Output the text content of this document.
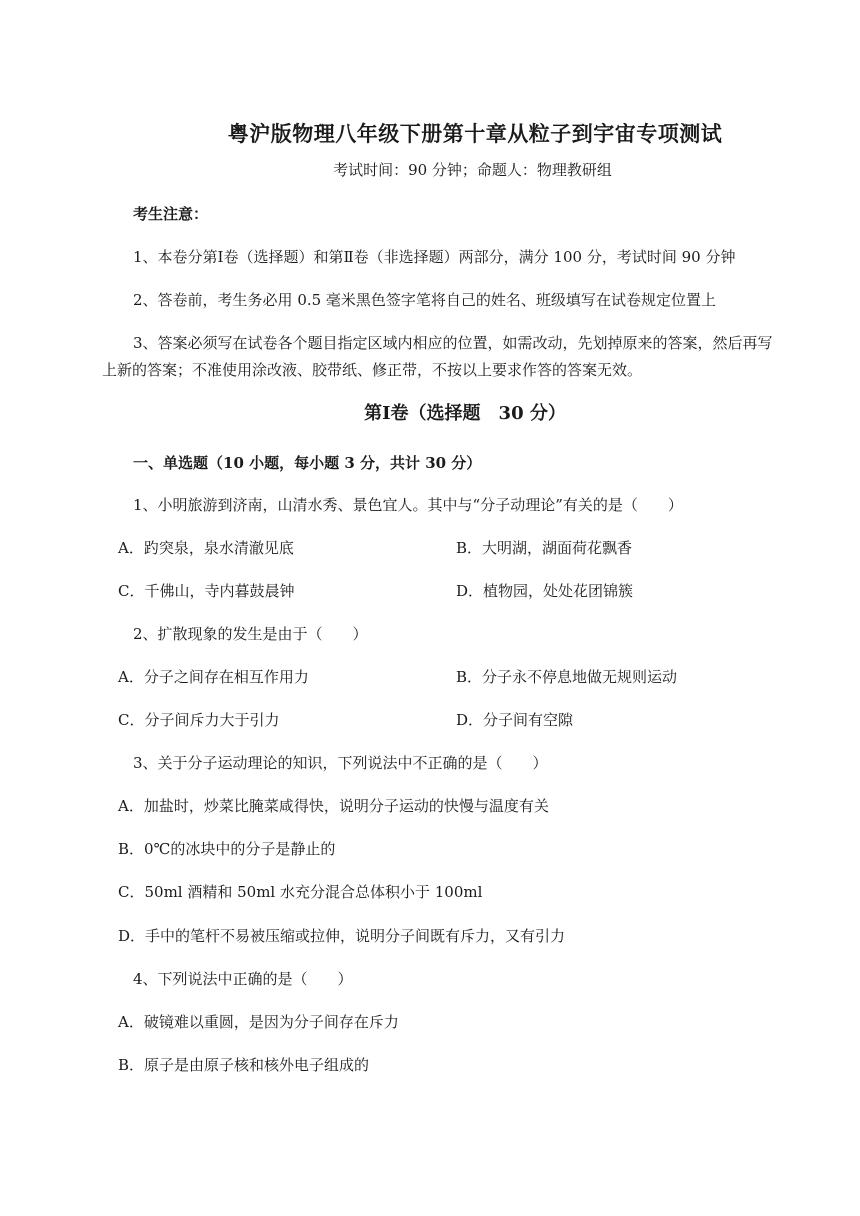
粤沪版物理八年级下册第十章从粒子到宇宙专项测试
考试时间：90 分钟；命题人：物理教研组
考生注意：
1、本卷分第Ⅰ卷（选择题）和第Ⅱ卷（非选择题）两部分，满分 100 分，考试时间 90 分钟
2、答卷前，考生务必用 0.5 毫米黑色签字笔将自己的姓名、班级填写在试卷规定位置上
3、答案必须写在试卷各个题目指定区域内相应的位置，如需改动，先划掉原来的答案，然后再写
上新的答案；不准使用涂改液、胶带纸、修正带，不按以上要求作答的答案无效。
第Ⅰ卷（选择题　30 分）
一、单选题（10 小题，每小题 3 分，共计 30 分）
1、小明旅游到济南，山清水秀、景色宜人。其中与“分子动理论”有关的是（　　）
A．趵突泉，泉水清澈见底	B．大明湖，湖面荷花飘香
C．千佛山，寺内暮鼓晨钟	D．植物园，处处花团锦簇
2、扩散现象的发生是由于（　　）
A．分子之间存在相互作用力	B．分子永不停息地做无规则运动
C．分子间斥力大于引力	D．分子间有空隙
3、关于分子运动理论的知识，下列说法中不正确的是（　　）
A．加盐时，炒菜比腌菜咸得快，说明分子运动的快慢与温度有关
B．0℃的冰块中的分子是静止的
C．50ml 酒精和 50ml 水充分混合总体积小于 100ml
D．手中的笔杆不易被压缩或拉伸，说明分子间既有斥力，又有引力
4、下列说法中正确的是（　　）
A．破镜难以重圆，是因为分子间存在斥力
B．原子是由原子核和核外电子组成的
